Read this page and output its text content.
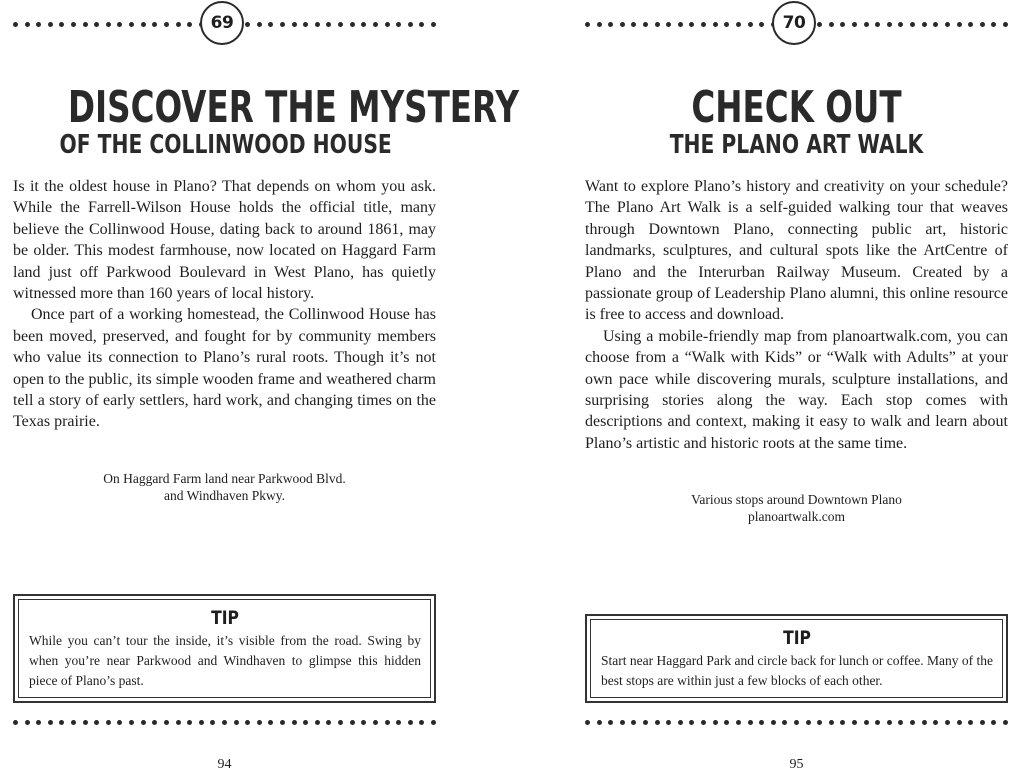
69
DISCOVER THE MYSTERY
OF THE COLLINWOOD HOUSE

Is it the oldest house in Plano? That depends on whom you ask. While the Farrell-Wilson House holds the official title, many believe the Collinwood House, dating back to around 1861, may be older. This modest farmhouse, now located on Haggard Farm land just off Parkwood Boulevard in West Plano, has quietly witnessed more than 160 years of local history.

Once part of a working homestead, the Collinwood House has been moved, preserved, and fought for by community members who value its connection to Plano’s rural roots. Though it’s not open to the public, its simple wooden frame and weathered charm tell a story of early settlers, hard work, and changing times on the Texas prairie.

On Haggard Farm land near Parkwood Blvd.
and Windhaven Pkwy.
TIP
While you can’t tour the inside, it’s visible from the road. Swing by when you’re near Parkwood and Windhaven to glimpse this hidden piece of Plano’s past.
94
70
CHECK OUT
THE PLANO ART WALK

Want to explore Plano’s history and creativity on your schedule? The Plano Art Walk is a self-guided walking tour that weaves through Downtown Plano, connecting public art, historic landmarks, sculptures, and cultural spots like the ArtCentre of Plano and the Interurban Railway Museum. Created by a passionate group of Leadership Plano alumni, this online resource is free to access and download.

Using a mobile-friendly map from planoartwalk.com, you can choose from a “Walk with Kids” or “Walk with Adults” at your own pace while discovering murals, sculpture installations, and surprising stories along the way. Each stop comes with descriptions and context, making it easy to walk and learn about Plano’s artistic and historic roots at the same time.

Various stops around Downtown Plano
planoartwalk.com
TIP
Start near Haggard Park and circle back for lunch or coffee. Many of the best stops are within just a few blocks of each other.
95
